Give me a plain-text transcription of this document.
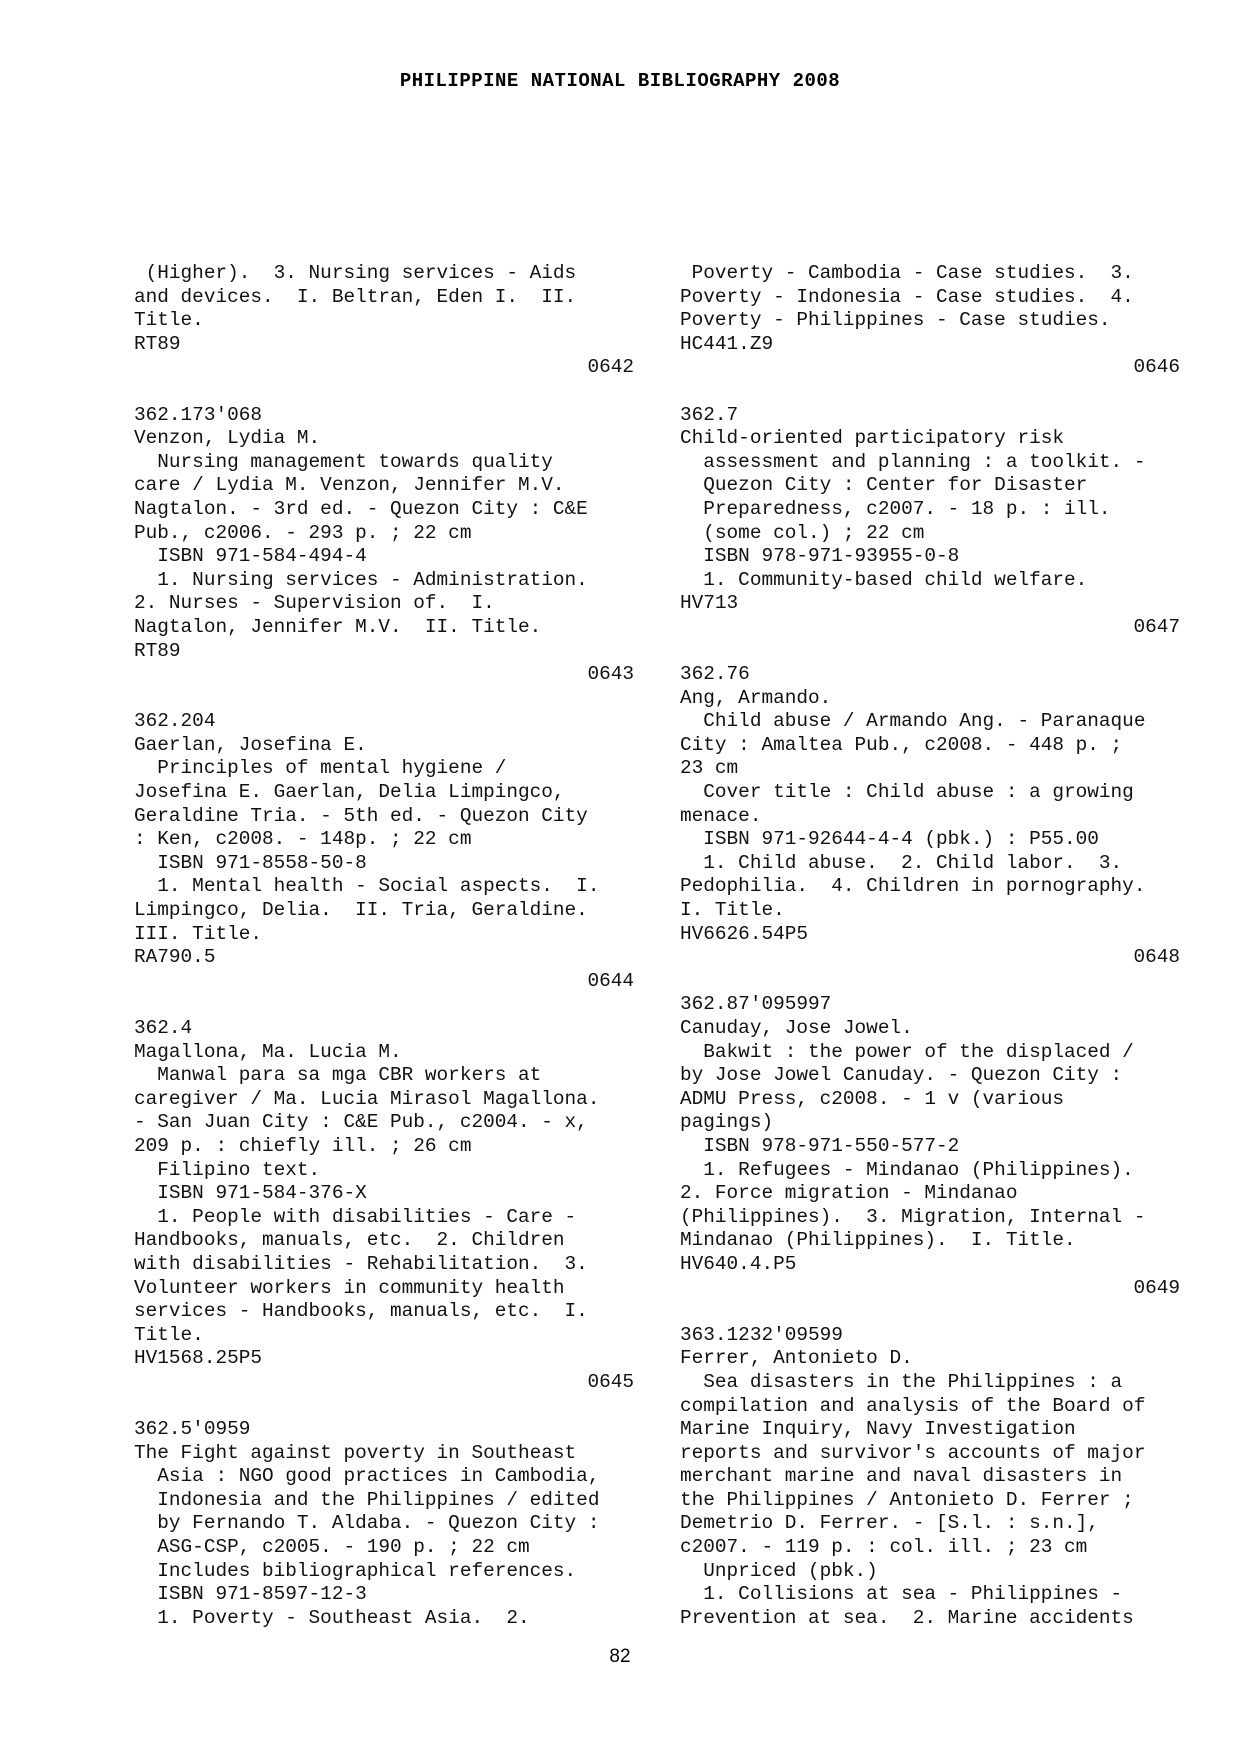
PHILIPPINE NATIONAL BIBLIOGRAPHY 2008
(Higher).  3. Nursing services - Aids
and devices.  I. Beltran, Eden I.  II.
Title.
RT89
0642
362.173'068
Venzon, Lydia M.
Nursing management towards quality
care / Lydia M. Venzon, Jennifer M.V.
Nagtalon. - 3rd ed. - Quezon City : C&E
Pub., c2006. - 293 p. ; 22 cm
ISBN 971-584-494-4
1. Nursing services - Administration.
2. Nurses - Supervision of.  I.
Nagtalon, Jennifer M.V.  II. Title.
RT89
0643
362.204
Gaerlan, Josefina E.
Principles of mental hygiene /
Josefina E. Gaerlan, Delia Limpingco,
Geraldine Tria. - 5th ed. - Quezon City
: Ken, c2008. - 148p. ; 22 cm
ISBN 971-8558-50-8
1. Mental health - Social aspects.  I.
Limpingco, Delia.  II. Tria, Geraldine.
III. Title.
RA790.5
0644
362.4
Magallona, Ma. Lucia M.
Manwal para sa mga CBR workers at
caregiver / Ma. Lucia Mirasol Magallona.
- San Juan City : C&E Pub., c2004. - x,
209 p. : chiefly ill. ; 26 cm
Filipino text.
ISBN 971-584-376-X
1. People with disabilities - Care -
Handbooks, manuals, etc.  2. Children
with disabilities - Rehabilitation.  3.
Volunteer workers in community health
services - Handbooks, manuals, etc.  I.
Title.
HV1568.25P5
0645
362.5'0959
The Fight against poverty in Southeast
Asia : NGO good practices in Cambodia,
Indonesia and the Philippines / edited
by Fernando T. Aldaba. - Quezon City :
ASG-CSP, c2005. - 190 p. ; 22 cm
Includes bibliographical references.
ISBN 971-8597-12-3
1. Poverty - Southeast Asia.  2.
Poverty - Cambodia - Case studies.  3.
Poverty - Indonesia - Case studies.  4.
Poverty - Philippines - Case studies.
HC441.Z9
0646
362.7
Child-oriented participatory risk
assessment and planning : a toolkit. -
Quezon City : Center for Disaster
Preparedness, c2007. - 18 p. : ill.
(some col.) ; 22 cm
ISBN 978-971-93955-0-8
1. Community-based child welfare.
HV713
0647
362.76
Ang, Armando.
Child abuse / Armando Ang. - Paranaque
City : Amaltea Pub., c2008. - 448 p. ;
23 cm
Cover title : Child abuse : a growing
menace.
ISBN 971-92644-4-4 (pbk.) : P55.00
1. Child abuse.  2. Child labor.  3.
Pedophilia.  4. Children in pornography.
I. Title.
HV6626.54P5
0648
362.87'095997
Canuday, Jose Jowel.
Bakwit : the power of the displaced /
by Jose Jowel Canuday. - Quezon City :
ADMU Press, c2008. - 1 v (various
pagings)
ISBN 978-971-550-577-2
1. Refugees - Mindanao (Philippines).
2. Force migration - Mindanao
(Philippines).  3. Migration, Internal -
Mindanao (Philippines).  I. Title.
HV640.4.P5
0649
363.1232'09599
Ferrer, Antonieto D.
Sea disasters in the Philippines : a
compilation and analysis of the Board of
Marine Inquiry, Navy Investigation
reports and survivor's accounts of major
merchant marine and naval disasters in
the Philippines / Antonieto D. Ferrer ;
Demetrio D. Ferrer. - [S.l. : s.n.],
c2007. - 119 p. : col. ill. ; 23 cm
Unpriced (pbk.)
1. Collisions at sea - Philippines -
Prevention at sea.  2. Marine accidents
82
